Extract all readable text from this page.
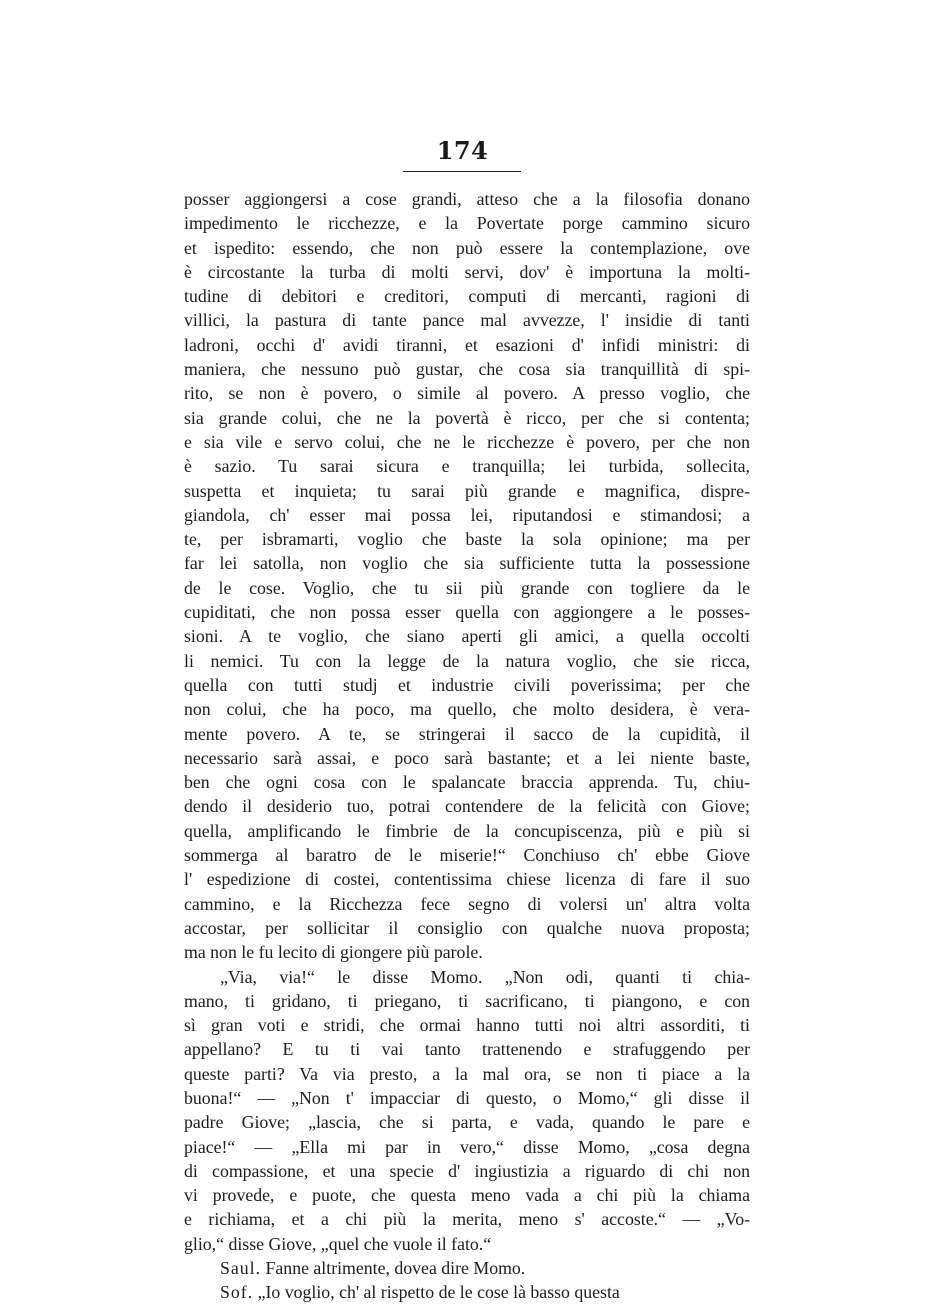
174
posser aggiongersi a cose grandi, atteso che a la filosofia donano
impedimento le ricchezze, e la Povertate porge cammino sicuro
et ispedito: essendo, che non può essere la contemplazione, ove
è circostante la turba di molti servi, dov' è importuna la molti-
tudine di debitori e creditori, computi di mercanti, ragioni di
villici, la pastura di tante pance mal avvezze, l' insidie di tanti
ladroni, occhi d' avidi tiranni, et esazioni d' infidi ministri: di
maniera, che nessuno può gustar, che cosa sia tranquillità di spi-
rito, se non è povero, o simile al povero. A presso voglio, che
sia grande colui, che ne la povertà è ricco, per che si contenta;
e sia vile e servo colui, che ne le ricchezze è povero, per che non
è sazio. Tu sarai sicura e tranquilla; lei turbida, sollecita,
suspetta et inquieta; tu sarai più grande e magnifica, dispre-
giandola, ch' esser mai possa lei, riputandosi e stimandosi; a
te, per isbramarti, voglio che baste la sola opinione; ma per
far lei satolla, non voglio che sia sufficiente tutta la possessione
de le cose. Voglio, che tu sii più grande con togliere da le
cupiditati, che non possa esser quella con aggiongere a le posses-
sioni. A te voglio, che siano aperti gli amici, a quella occolti
li nemici. Tu con la legge de la natura voglio, che sie ricca,
quella con tutti studj et industrie civili poverissima; per che
non colui, che ha poco, ma quello, che molto desidera, è vera-
mente povero. A te, se stringerai il sacco de la cupidità, il
necessario sarà assai, e poco sarà bastante; et a lei niente baste,
ben che ogni cosa con le spalancate braccia apprenda. Tu, chiu-
dendo il desiderio tuo, potrai contendere de la felicità con Giove;
quella, amplificando le fimbrie de la concupiscenza, più e più si
sommerga al baratro de le miserie!“ Conchiuso ch' ebbe Giove
l' espedizione di costei, contentissima chiese licenza di fare il suo
cammino, e la Ricchezza fece segno di volersi un' altra volta
accostar, per sollicitar il consiglio con qualche nuova proposta;
ma non le fu lecito di giongere più parole.
„Via, via!“ le disse Momo. „Non odi, quanti ti chia-
mano, ti gridano, ti priegano, ti sacrificano, ti piangono, e con
sì gran voti e stridi, che ormai hanno tutti noi altri assorditi, ti
appellano? E tu ti vai tanto trattenendo e strafuggendo per
queste parti? Va via presto, a la mal ora, se non ti piace a la
buona!“ — „Non t' impacciar di questo, o Momo,“ gli disse il
padre Giove; „lascia, che si parta, e vada, quando le pare e
piace!“ — „Ella mi par in vero,“ disse Momo, „cosa degna
di compassione, et una specie d' ingiustizia a riguardo di chi non
vi provede, e puote, che questa meno vada a chi più la chiama
e richiama, et a chi più la merita, meno s' accoste.“ — „Vo-
glio,“ disse Giove, „quel che vuole il fato.“
Saul. Fanne altrimente, dovea dire Momo.
Sof. „Io voglio, ch' al rispetto de le cose là basso questa
